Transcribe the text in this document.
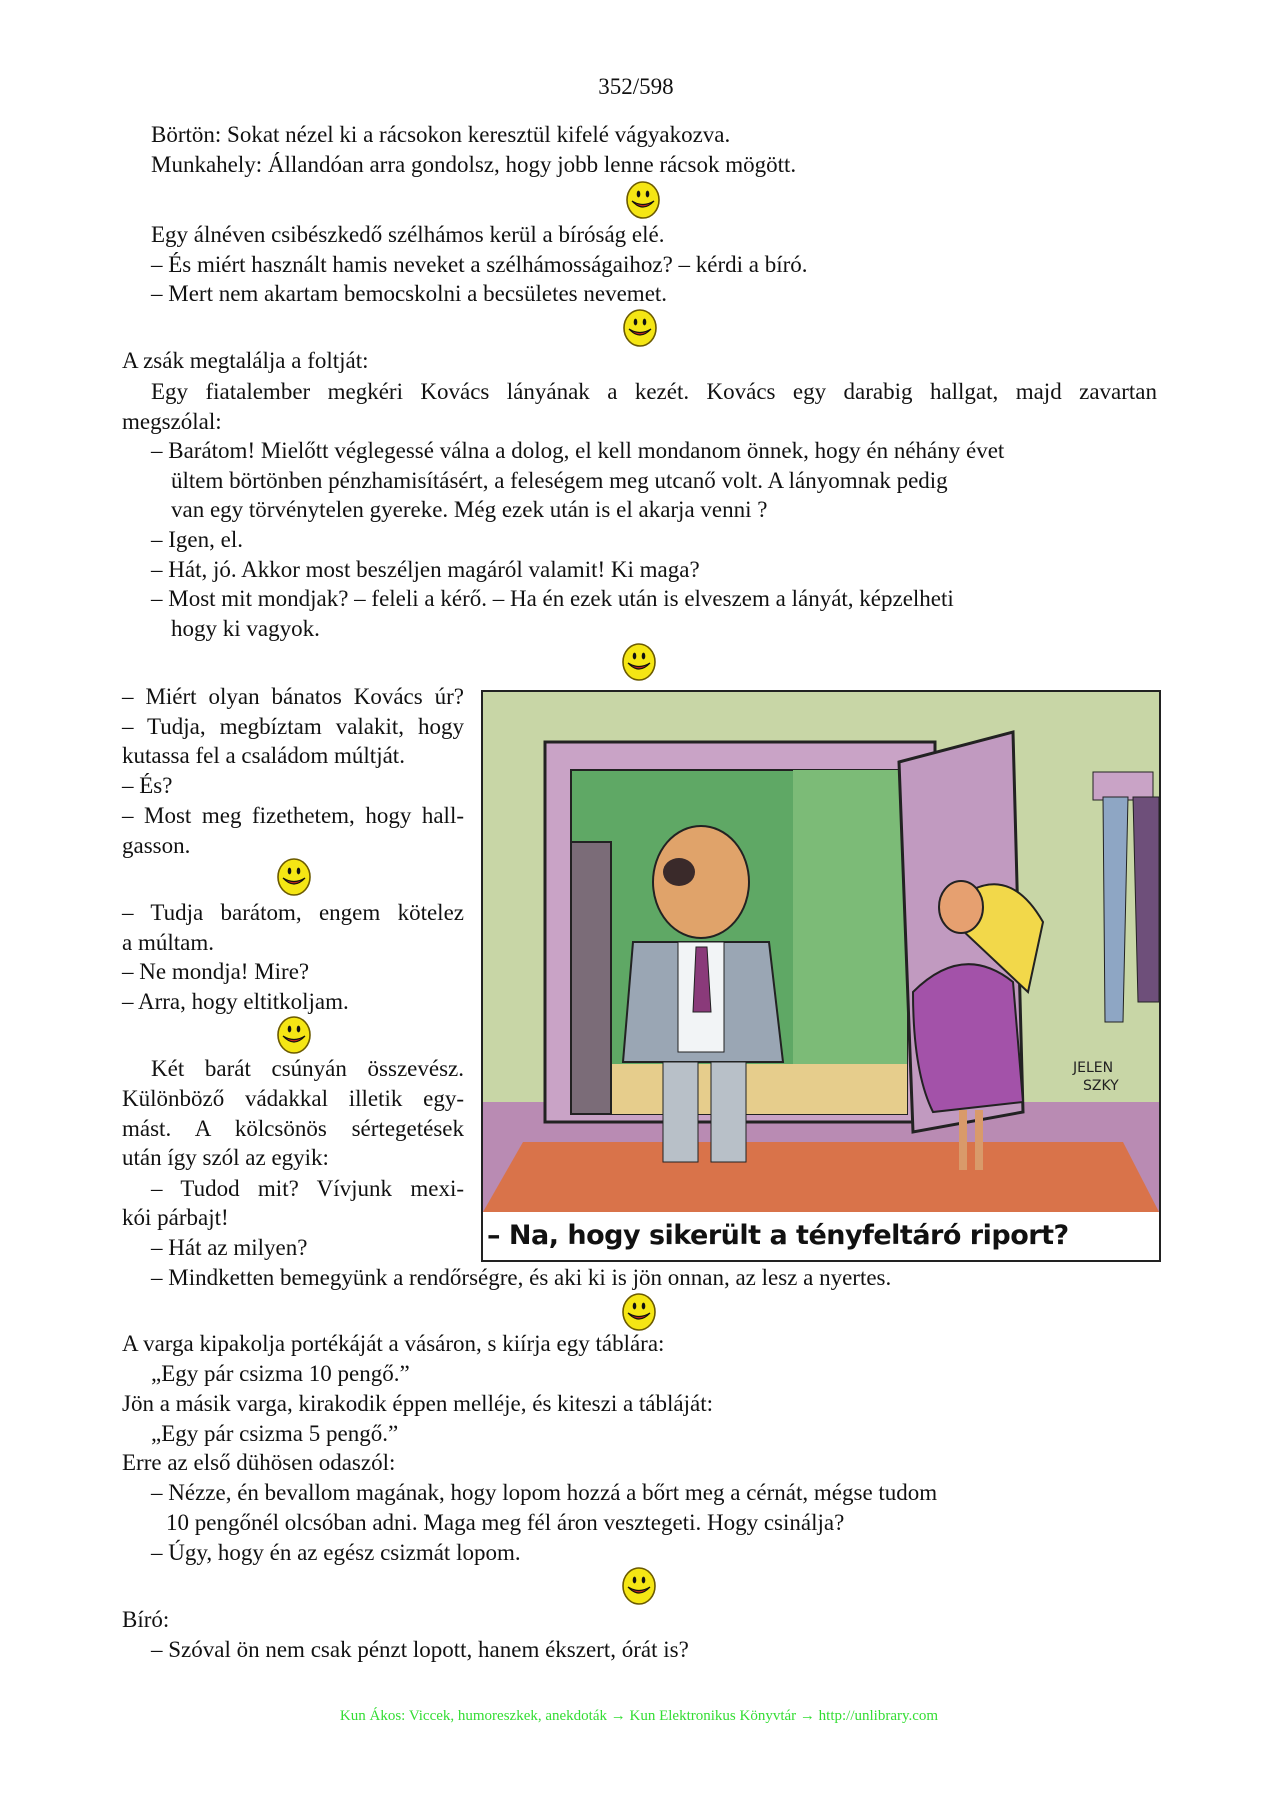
352/598
Börtön: Sokat nézel ki a rácsokon keresztül kifelé vágyakozva.
Munkahely: Állandóan arra gondolsz, hogy jobb lenne rácsok mögött.
Egy álnéven csibészkedő szélhámos kerül a bíróság elé.
– És miért használt hamis neveket a szélhámosságaihoz? – kérdi a bíró.
– Mert nem akartam bemocskolni a becsületes nevemet.
A zsák megtalálja a foltját:
Egy fiatalember megkéri Kovács lányának a kezét. Kovács egy darabig hallgat, majd zavartan
megszólal:
– Barátom! Mielőtt véglegessé válna a dolog, el kell mondanom önnek, hogy én néhány évet
ültem börtönben pénzhamisításért, a feleségem meg utcanő volt. A lányomnak pedig
van egy törvénytelen gyereke. Még ezek után is el akarja venni ?
– Igen, el.
– Hát, jó. Akkor most beszéljen magáról valamit! Ki maga?
– Most mit mondjak? – feleli a kérő. – Ha én ezek után is elveszem a lányát, képzelheti
hogy ki vagyok.
– Miért olyan bánatos Kovács úr?
– Tudja, megbíztam valakit, hogy
kutassa fel a családom múltját.
– És?
– Most meg fizethetem, hogy hall-
gasson.
– Tudja barátom, engem kötelez
a múltam.
– Ne mondja! Mire?
– Arra, hogy eltitkoljam.
Két barát csúnyán összevész.
Különböző vádakkal illetik egy-
mást. A kölcsönös sértegetések
után így szól az egyik:
– Tudod mit? Vívjunk mexi-
kói párbajt!
– Hát az milyen?
– Mindketten bemegyünk a rendőrségre, és aki ki is jön onnan, az lesz a nyertes.
JELEN
SZKY
– Na, hogy sikerült a tényfeltáró riport?
A varga kipakolja portékáját a vásáron, s kiírja egy táblára:
„Egy pár csizma 10 pengő.”
Jön a másik varga, kirakodik éppen melléje, és kiteszi a tábláját:
„Egy pár csizma 5 pengő.”
Erre az első dühösen odaszól:
– Nézze, én bevallom magának, hogy lopom hozzá a bőrt meg a cérnát, mégse tudom
10 pengőnél olcsóban adni. Maga meg fél áron vesztegeti. Hogy csinálja?
– Úgy, hogy én az egész csizmát lopom.
Bíró:
– Szóval ön nem csak pénzt lopott, hanem ékszert, órát is?
Kun Ákos: Viccek, humoreszkek, anekdoták → Kun Elektronikus Könyvtár → http://unlibrary.com
